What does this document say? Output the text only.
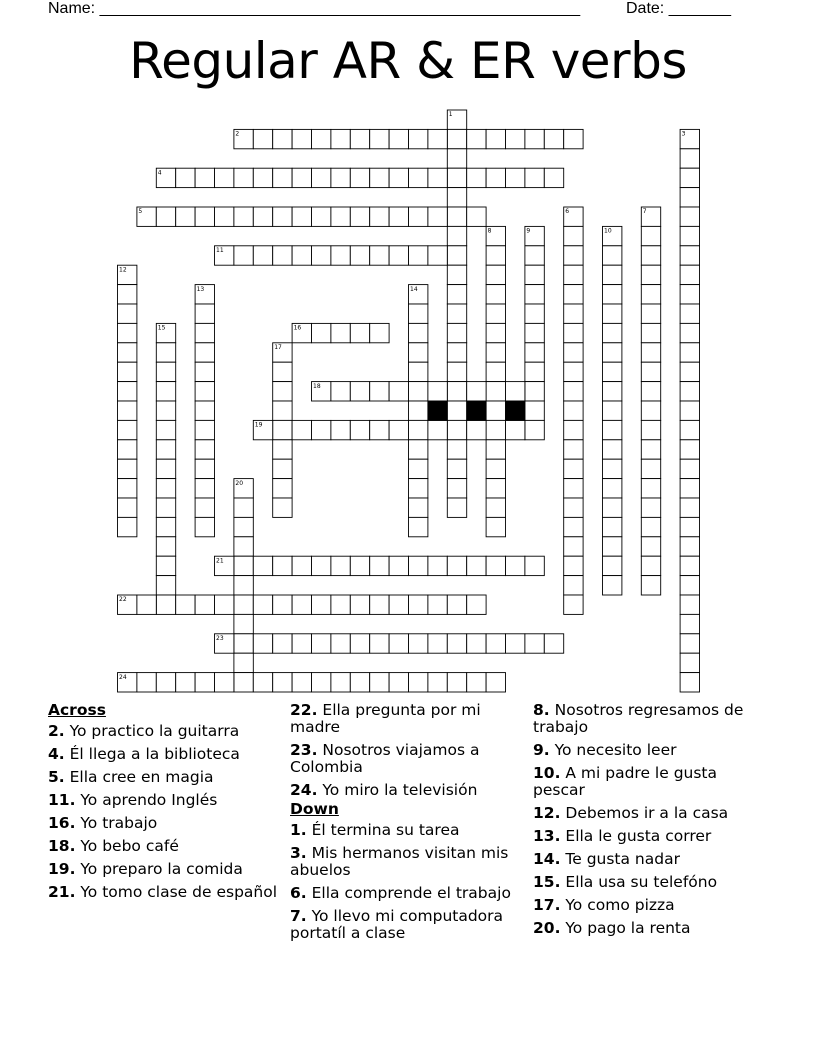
Name: ______________________________________________________	Date: _______
Regular AR & ER verbs
1
2	3
4
5	6	7
8	9	10
11
12
13	14
15	16
17
18
19
20
21
22
23
24
Across
2. Yo practico la guitarra
4. Él llega a la biblioteca
5. Ella cree en magia
11. Yo aprendo Inglés
16. Yo trabajo
18. Yo bebo café
19. Yo preparo la comida
21. Yo tomo clase de español
22. Ella pregunta por mi madre
23. Nosotros viajamos a Colombia
24. Yo miro la televisión
Down
1. Él termina su tarea
3. Mis hermanos visitan mis abuelos
6. Ella comprende el trabajo
7. Yo llevo mi computadora portatíl a clase
8. Nosotros regresamos de trabajo
9. Yo necesito leer
10. A mi padre le gusta pescar
12. Debemos ir a la casa
13. Ella le gusta correr
14. Te gusta nadar
15. Ella usa su telefóno
17. Yo como pizza
20. Yo pago la renta
